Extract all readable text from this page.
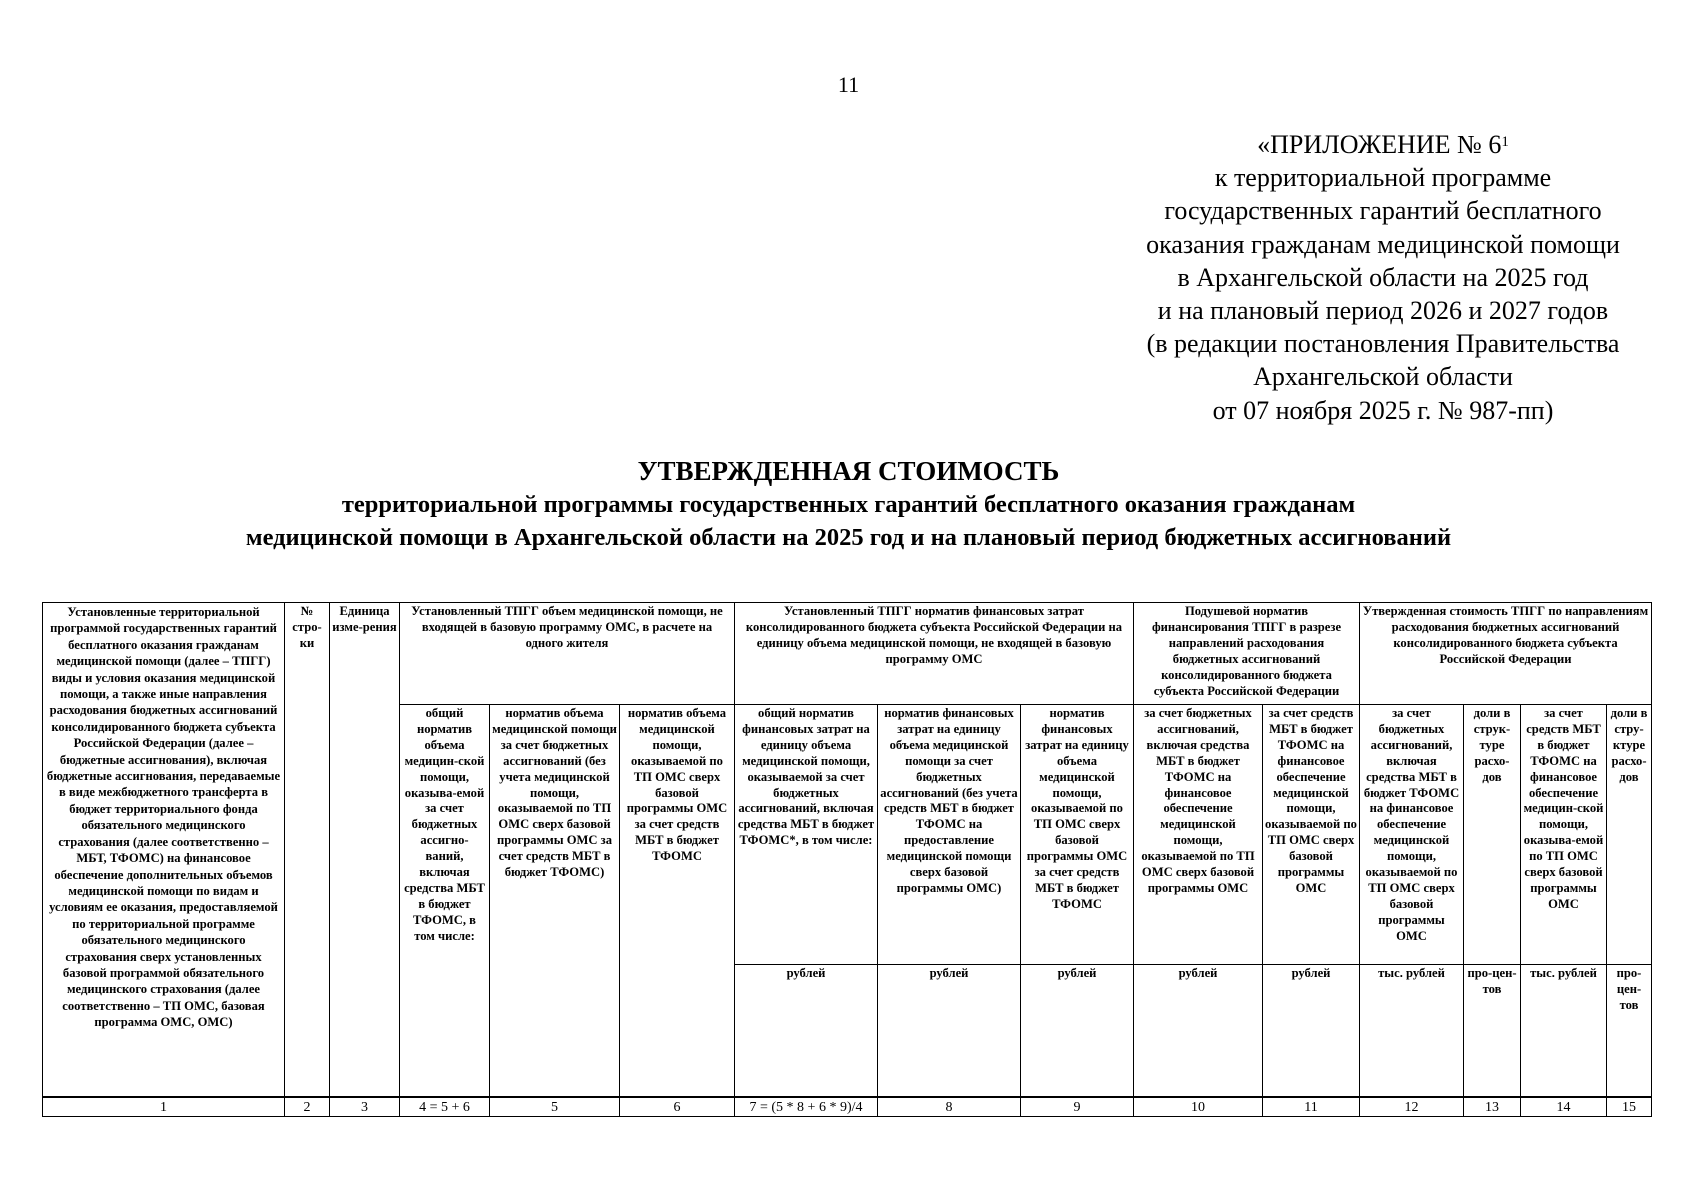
11
«ПРИЛОЖЕНИЕ № $6^1$
к территориальной программе
государственных гарантий бесплатного
оказания гражданам медицинской помощи
в Архангельской области на 2025 год
и на плановый период 2026 и 2027 годов
(в редакции постановления Правительства
Архангельской области
от 07 ноября 2025 г. № 987-пп)
УТВЕРЖДЕННАЯ СТОИМОСТЬ
территориальной программы государственных гарантий бесплатного оказания гражданам
медицинской помощи в Архангельской области на 2025 год и на плановый период бюджетных ассигнований
Установленные территориальной программой государственных гарантий бесплатного оказания гражданам медицинской помощи (далее – ТПГГ) виды и условия оказания медицинской помощи, а также иные направления расходования бюджетных ассигнований консолидированного бюджета субъекта Российской Федерации (далее – бюджетные ассигнования), включая бюджетные ассигнования, передаваемые в виде межбюджетного трансферта в бюджет территориального фонда обязательного медицинского страхования (далее соответственно – МБТ, ТФОМС) на финансовое обеспечение дополнительных объемов медицинской помощи по видам и условиям ее оказания, предоставляемой по территориальной программе обязательного медицинского страхования сверх установленных базовой программой обязательного медицинского страхования (далее соответственно – ТП ОМС, базовая программа ОМС, ОМС)	№ стро-ки	Единица изме-рения	Установленный ТПГГ объем медицинской помощи, не входящей в базовую программу ОМС, в расчете на одного жителя			Установленный ТПГГ норматив финансовых затрат консолидированного бюджета субъекта Российской Федерации на единицу объема медицинской помощи, не входящей в базовую программу ОМС			Подушевой норматив финансирования ТПГГ в разрезе направлений расходования бюджетных ассигнований консолидированного бюджета субъекта Российской Федерации		Утвержденная стоимость ТПГГ по направлениям расходования бюджетных ассигнований консолидированного бюджета субъекта Российской Федерации			
			общий норматив объема медицин-ской помощи, оказыва-емой за счет бюджетных ассигно-ваний, включая средства МБТ в бюджет ТФОМС, в том числе:	норматив объема медицинской помощи за счет бюджетных ассигнований (без учета медицинской помощи, оказываемой по ТП ОМС сверх базовой программы ОМС за счет средств МБТ в бюджет ТФОМС)	норматив объема медицинской помощи, оказываемой по ТП ОМС сверх базовой программы ОМС за счет средств МБТ в бюджет ТФОМС	общий норматив финансовых затрат на единицу объема медицинской помощи, оказываемой за счет бюджетных ассигнований, включая средства МБТ в бюджет ТФОМС*, в том числе:	норматив финансовых затрат на единицу объема медицинской помощи за счет бюджетных ассигнований (без учета средств МБТ в бюджет ТФОМС на предоставление медицинской помощи сверх базовой программы ОМС)	норматив финансовых затрат на единицу объема медицинской помощи, оказываемой по ТП ОМС сверх базовой программы ОМС за счет средств МБТ в бюджет ТФОМС	за счет бюджетных ассигнований, включая средства МБТ в бюджет ТФОМС на финансовое обеспечение медицинской помощи, оказываемой по ТП ОМС сверх базовой программы ОМС	за счет средств МБТ в бюджет ТФОМС на финансовое обеспечение медицинской помощи, оказываемой по ТП ОМС сверх базовой программы ОМС	за счет бюджетных ассигнований, включая средства МБТ в бюджет ТФОМС на финансовое обеспечение медицинской помощи, оказываемой по ТП ОМС сверх базовой программы ОМС	доли в струк-туре расхо-дов	за счет средств МБТ в бюджет ТФОМС на финансовое обеспечение медицин-ской помощи, оказыва-емой по ТП ОМС сверх базовой программы ОМС	доли в стру-ктуре расхо-дов
						рублей	рублей	рублей	рублей	рублей	тыс. рублей	про-цен-тов	тыс. рублей	про-цен-тов
1	2	3	4 = 5 + 6	5	6	7 = (5 * 8 + 6 * 9)/4	8	9	10	11	12	13	14	15
